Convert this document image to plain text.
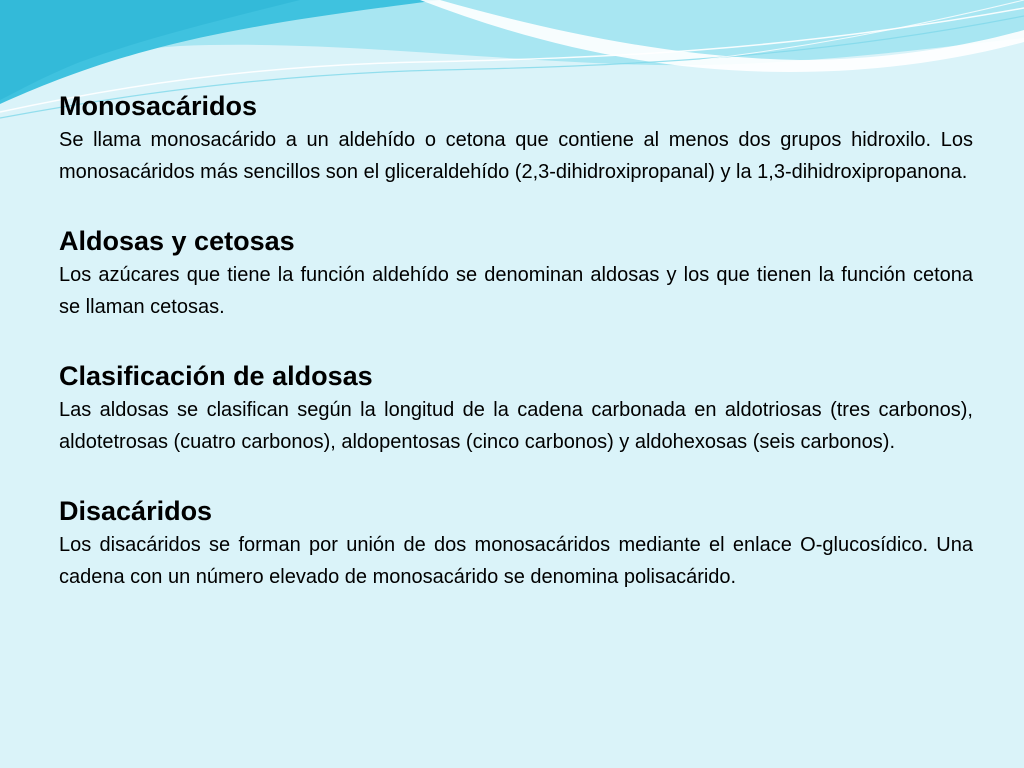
Monosacáridos

Se llama monosacárido a un aldehído o cetona que contiene al menos dos grupos hidroxilo. Los monosacáridos más sencillos son el gliceraldehído (2,3-dihidroxipropanal) y la 1,3-dihidroxipropanona.

Aldosas y cetosas

Los azúcares que tiene la función aldehído se denominan aldosas y los que tienen la función cetona se llaman cetosas.

Clasificación de aldosas

Las aldosas se clasifican según la longitud de la cadena carbonada en aldotriosas (tres carbonos), aldotetrosas (cuatro carbonos), aldopentosas (cinco carbonos) y aldohexosas (seis carbonos).

Disacáridos

Los disacáridos se forman por unión de dos monosacáridos mediante el enlace O-glucosídico. Una cadena con un número elevado de monosacárido se denomina polisacárido.
